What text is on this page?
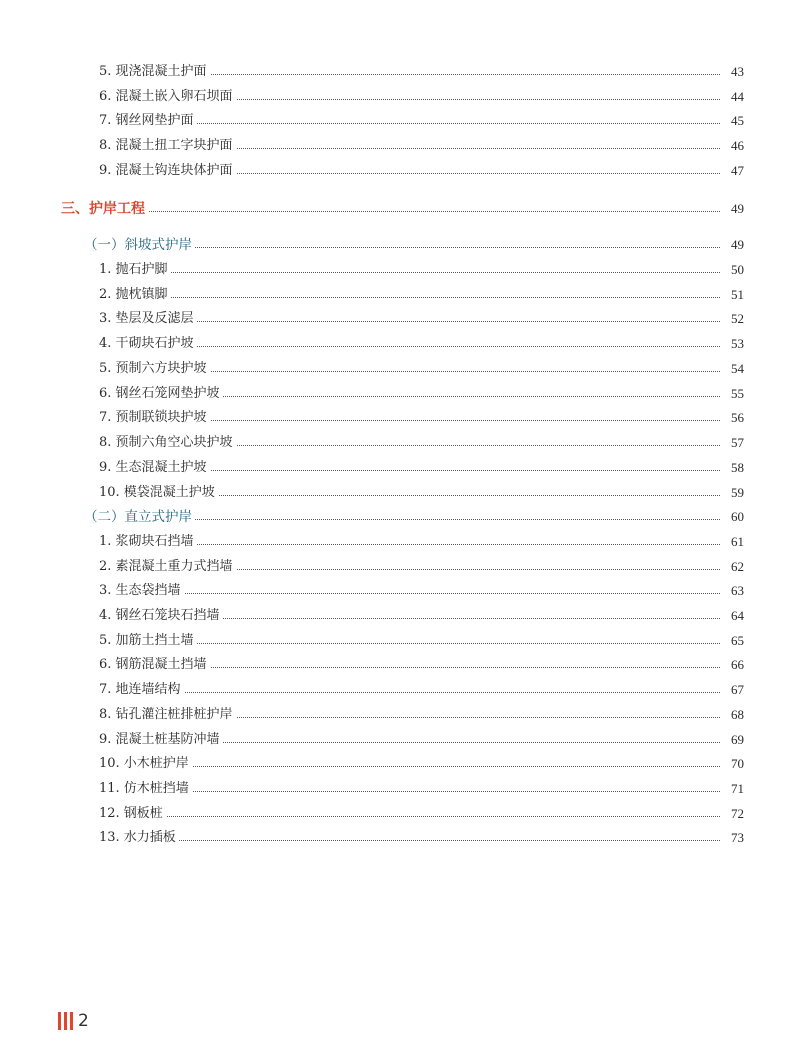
5. 现浇混凝土护面	43
6. 混凝土嵌入卵石坝面	44
7. 钢丝网垫护面	45
8. 混凝土扭工字块护面	46
9. 混凝土钩连块体护面	47
三、护岸工程	49
（一）斜坡式护岸	49
1. 抛石护脚	50
2. 抛枕镇脚	51
3. 垫层及反滤层	52
4. 干砌块石护坡	53
5. 预制六方块护坡	54
6. 钢丝石笼网垫护坡	55
7. 预制联锁块护坡	56
8. 预制六角空心块护坡	57
9. 生态混凝土护坡	58
10. 模袋混凝土护坡	59
（二）直立式护岸	60
1. 浆砌块石挡墙	61
2. 素混凝土重力式挡墙	62
3. 生态袋挡墙	63
4. 钢丝石笼块石挡墙	64
5. 加筋土挡土墙	65
6. 钢筋混凝土挡墙	66
7. 地连墙结构	67
8. 钻孔灌注桩排桩护岸	68
9. 混凝土桩基防冲墙	69
10. 小木桩护岸	70
11. 仿木桩挡墙	71
12. 钢板桩	72
13. 水力插板	73
2
